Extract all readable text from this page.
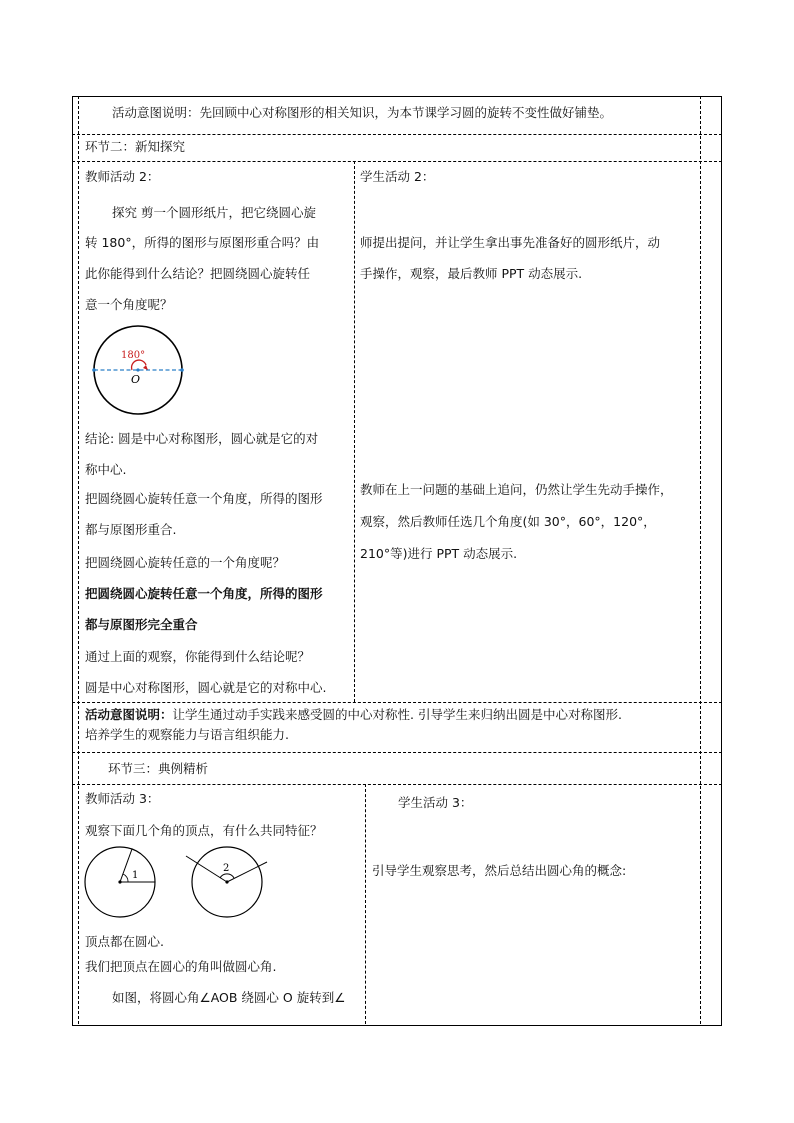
活动意图说明：先回顾中心对称图形的相关知识，为本节课学习圆的旋转不变性做好铺垫。
环节二：新知探究
教师活动 2：	学生活动 2：
探究 剪一个圆形纸片，把它绕圆心旋
转 180°，所得的图形与原图形重合吗？由
此你能得到什么结论？把圆绕圆心旋转任
意一个角度呢？
180°
O
结论: 圆是中心对称图形，圆心就是它的对
称中心.
把圆绕圆心旋转任意一个角度，所得的图形
都与原图形重合.
把圆绕圆心旋转任意的一个角度呢？
把圆绕圆心旋转任意一个角度，所得的图形
都与原图形完全重合
通过上面的观察，你能得到什么结论呢？
圆是中心对称图形，圆心就是它的对称中心.
师提出提问，并让学生拿出事先准备好的圆形纸片，动
手操作，观察，最后教师 PPT 动态展示.
教师在上一问题的基础上追问，仍然让学生先动手操作，
观察，然后教师任选几个角度(如 30°，60°，120°，
210°等)进行 PPT 动态展示.
活动意图说明：让学生通过动手实践来感受圆的中心对称性. 引导学生来归纳出圆是中心对称图形.
培养学生的观察能力与语言组织能力.
环节三：典例精析
教师活动 3：	学生活动 3：
观察下面几个角的顶点，有什么共同特征？
1
2
顶点都在圆心.
我们把顶点在圆心的角叫做圆心角.
如图，将圆心角∠AOB 绕圆心 O 旋转到∠
引导学生观察思考，然后总结出圆心角的概念:
